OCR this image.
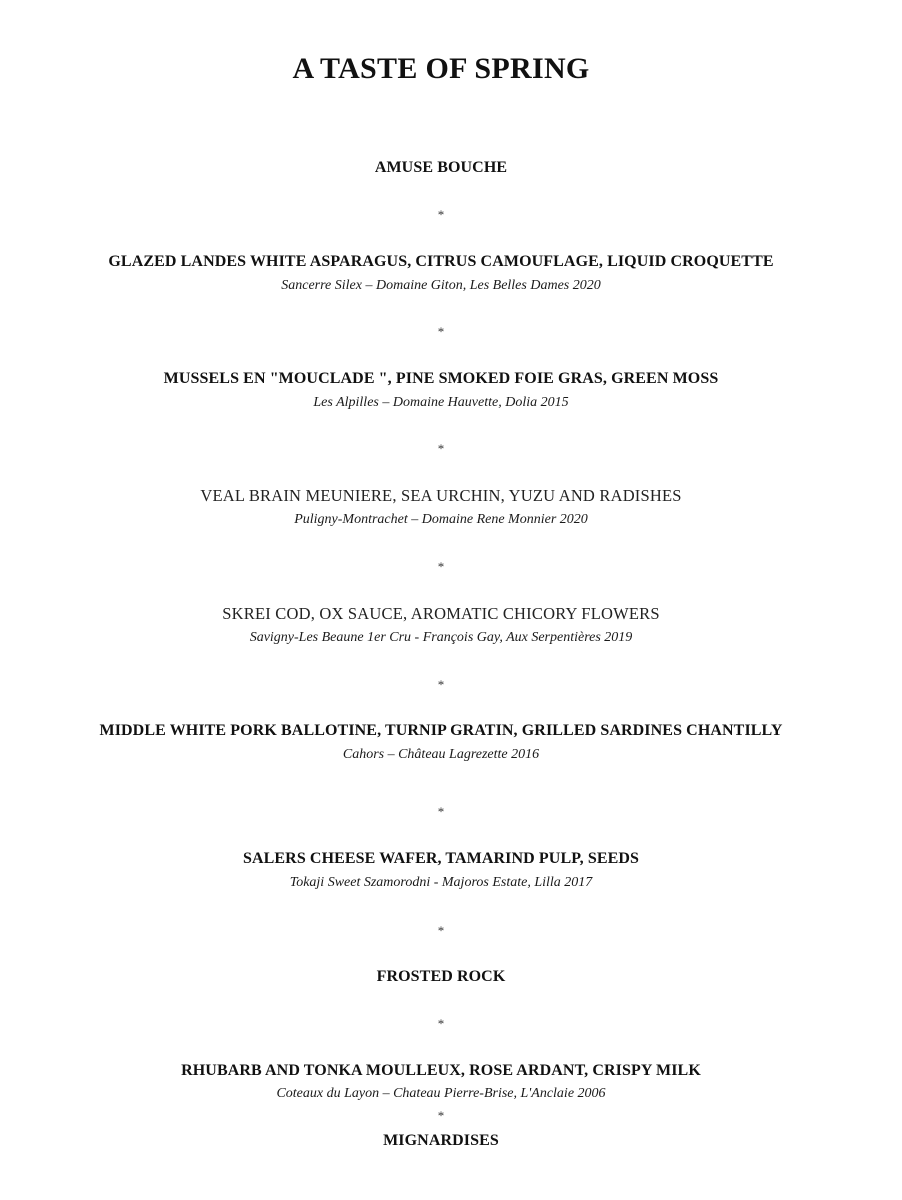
A TASTE OF SPRING
AMUSE BOUCHE
*
GLAZED LANDES WHITE ASPARAGUS, CITRUS CAMOUFLAGE, LIQUID CROQUETTE
Sancerre Silex – Domaine Giton, Les Belles Dames 2020
*
MUSSELS EN "MOUCLADE ", PINE SMOKED FOIE GRAS, GREEN MOSS
Les Alpilles – Domaine Hauvette, Dolia 2015
*
VEAL BRAIN MEUNIERE, SEA URCHIN, YUZU AND RADISHES
Puligny-Montrachet – Domaine Rene Monnier 2020
*
SKREI COD, OX SAUCE, AROMATIC CHICORY FLOWERS
Savigny-Les Beaune 1er Cru - François Gay, Aux Serpentières 2019
*
MIDDLE WHITE PORK BALLOTINE, TURNIP GRATIN, GRILLED SARDINES CHANTILLY
Cahors – Château Lagrezette 2016
*
SALERS CHEESE WAFER, TAMARIND PULP, SEEDS
Tokaji Sweet Szamorodni - Majoros Estate, Lilla 2017
*
FROSTED ROCK
*
RHUBARB AND TONKA MOULLEUX, ROSE ARDANT, CRISPY MILK
Coteaux du Layon – Chateau Pierre-Brise, L'Anclaie 2006
*
MIGNARDISES
